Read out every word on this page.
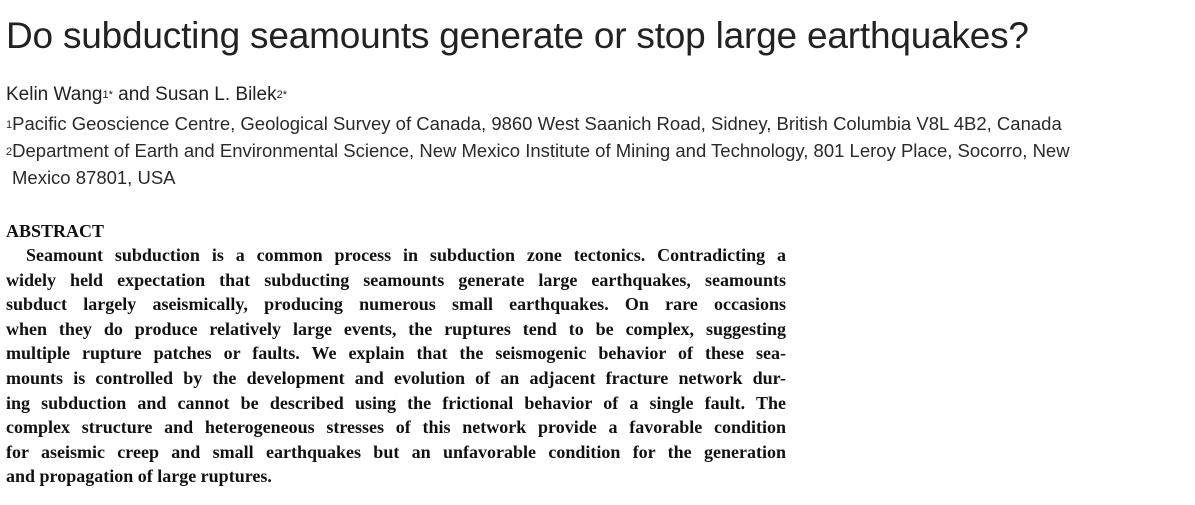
Do subducting seamounts generate or stop large earthquakes?
Kelin Wang$^{1*}$ and Susan L. Bilek$^{2*}$
$^1$Pacific Geoscience Centre, Geological Survey of Canada, 9860 West Saanich Road, Sidney, British Columbia V8L 4B2, Canada
$^2$Department of Earth and Environmental Science, New Mexico Institute of Mining and Technology, 801 Leroy Place, Socorro, New
Mexico 87801, USA
ABSTRACT
Seamount subduction is a common process in subduction zone tectonics. Contradicting a
widely held expectation that subducting seamounts generate large earthquakes, seamounts
subduct largely aseismically, producing numerous small earthquakes. On rare occasions
when they do produce relatively large events, the ruptures tend to be complex, suggesting
multiple rupture patches or faults. We explain that the seismogenic behavior of these sea-
mounts is controlled by the development and evolution of an adjacent fracture network dur-
ing subduction and cannot be described using the frictional behavior of a single fault. The
complex structure and heterogeneous stresses of this network provide a favorable condition
for aseismic creep and small earthquakes but an unfavorable condition for the generation
and propagation of large ruptures.
